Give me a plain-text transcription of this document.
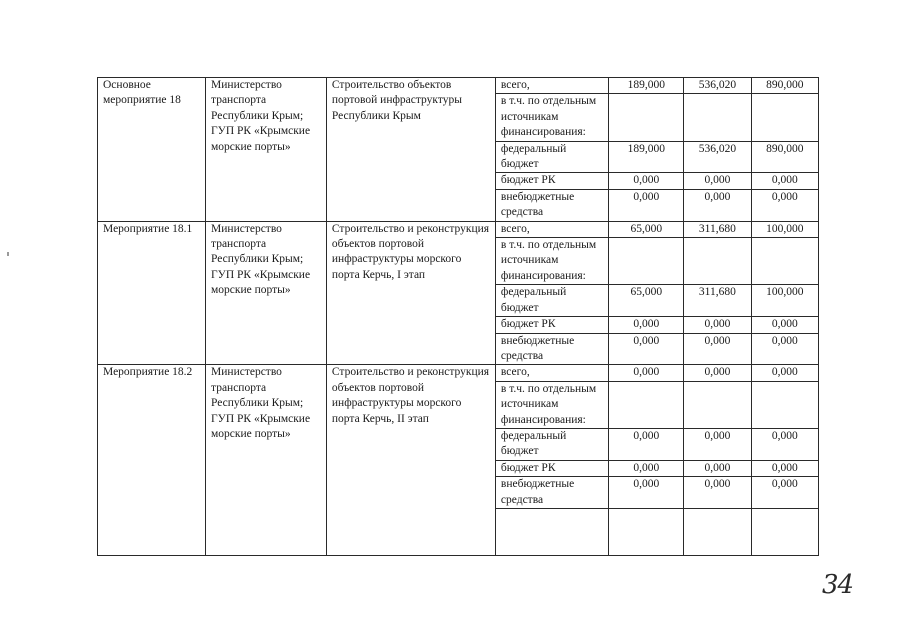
Основное мероприятие 18	Министерство транспорта Республики Крым; ГУП РК «Крымские морские порты»	Строительство объектов портовой инфраструктуры Республики Крым	всего,	189,000	536,020	890,000
			в т.ч. по отдельным источникам финансирования:			
			федеральный бюджет	189,000	536,020	890,000
			бюджет РК	0,000	0,000	0,000
			внебюджетные средства	0,000	0,000	0,000
Мероприятие 18.1	Министерство транспорта Республики Крым; ГУП РК «Крымские морские порты»	Строительство и реконструкция объектов портовой инфраструктуры морского порта Керчь, I этап	всего,	65,000	311,680	100,000
			в т.ч. по отдельным источникам финансирования:			
			федеральный бюджет	65,000	311,680	100,000
			бюджет РК	0,000	0,000	0,000
			внебюджетные средства	0,000	0,000	0,000
Мероприятие 18.2	Министерство транспорта Республики Крым; ГУП РК «Крымские морские порты»	Строительство и реконструкция объектов портовой инфраструктуры морского порта Керчь, II этап	всего,	0,000	0,000	0,000
			в т.ч. по отдельным источникам финансирования:			
			федеральный бюджет	0,000	0,000	0,000
			бюджет РК	0,000	0,000	0,000
			внебюджетные средства	0,000	0,000	0,000

34
